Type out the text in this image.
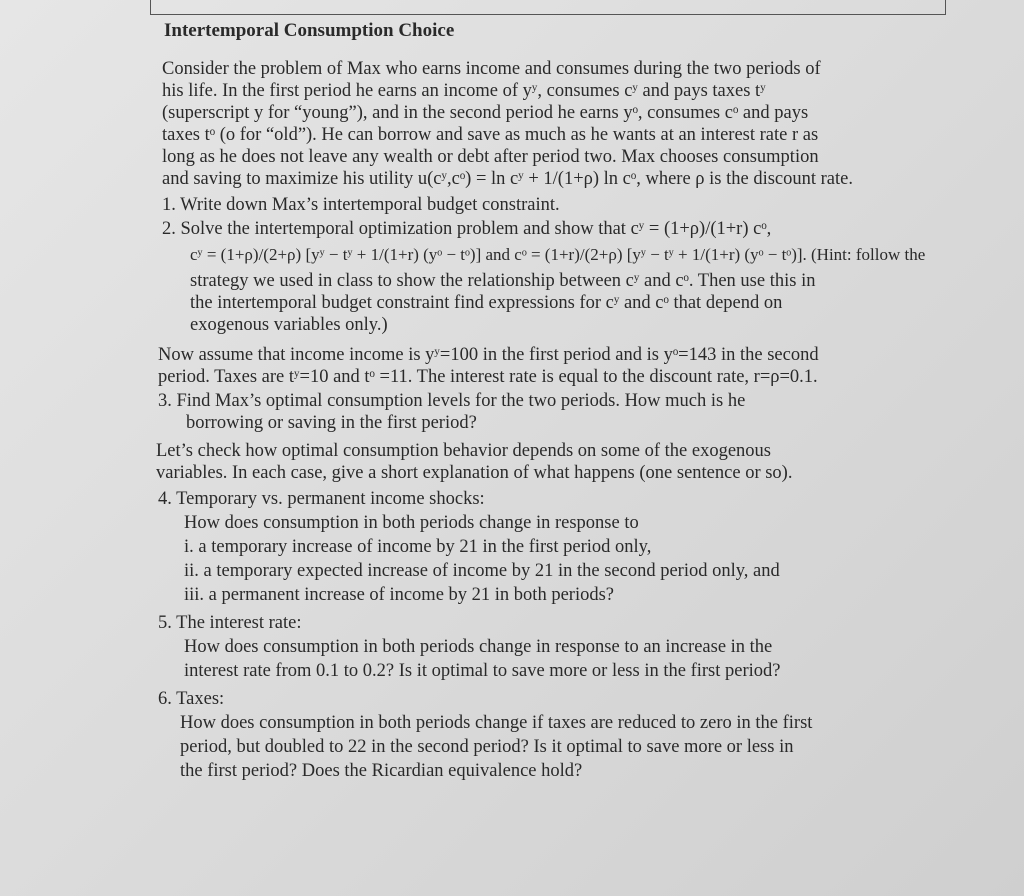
Intertemporal Consumption Choice
Consider the problem of Max who earns income and consumes during the two periods of
his life. In the first period he earns an income of yʸ, consumes cʸ and pays taxes tʸ
(superscript y for “young”), and in the second period he earns yᵒ, consumes cᵒ and pays
taxes tᵒ (o for “old”). He can borrow and save as much as he wants at an interest rate r as
long as he does not leave any wealth or debt after period two. Max chooses consumption
and saving to maximize his utility u(cʸ,cᵒ) = ln cʸ + 1/(1+ρ) ln cᵒ, where ρ is the discount rate.
1. Write down Max’s intertemporal budget constraint.
2. Solve the intertemporal optimization problem and show that cʸ = (1+ρ)/(1+r) cᵒ,
cʸ = (1+ρ)/(2+ρ) [yʸ − tʸ + 1/(1+r) (yᵒ − tᵒ)] and cᵒ = (1+r)/(2+ρ) [yʸ − tʸ + 1/(1+r) (yᵒ − tᵒ)]. (Hint: follow the
strategy we used in class to show the relationship between cʸ and cᵒ. Then use this in
the intertemporal budget constraint find expressions for cʸ and cᵒ that depend on
exogenous variables only.)
Now assume that income income is yʸ=100 in the first period and is yᵒ=143 in the second
period. Taxes are tʸ=10 and tᵒ =11. The interest rate is equal to the discount rate, r=ρ=0.1.
3. Find Max’s optimal consumption levels for the two periods. How much is he
borrowing or saving in the first period?
Let’s check how optimal consumption behavior depends on some of the exogenous
variables. In each case, give a short explanation of what happens (one sentence or so).
4. Temporary vs. permanent income shocks:
How does consumption in both periods change in response to
i. a temporary increase of income by 21 in the first period only,
ii. a temporary expected increase of income by 21 in the second period only, and
iii. a permanent increase of income by 21 in both periods?
5. The interest rate:
How does consumption in both periods change in response to an increase in the
interest rate from 0.1 to 0.2? Is it optimal to save more or less in the first period?
6. Taxes:
How does consumption in both periods change if taxes are reduced to zero in the first
period, but doubled to 22 in the second period? Is it optimal to save more or less in
the first period? Does the Ricardian equivalence hold?
